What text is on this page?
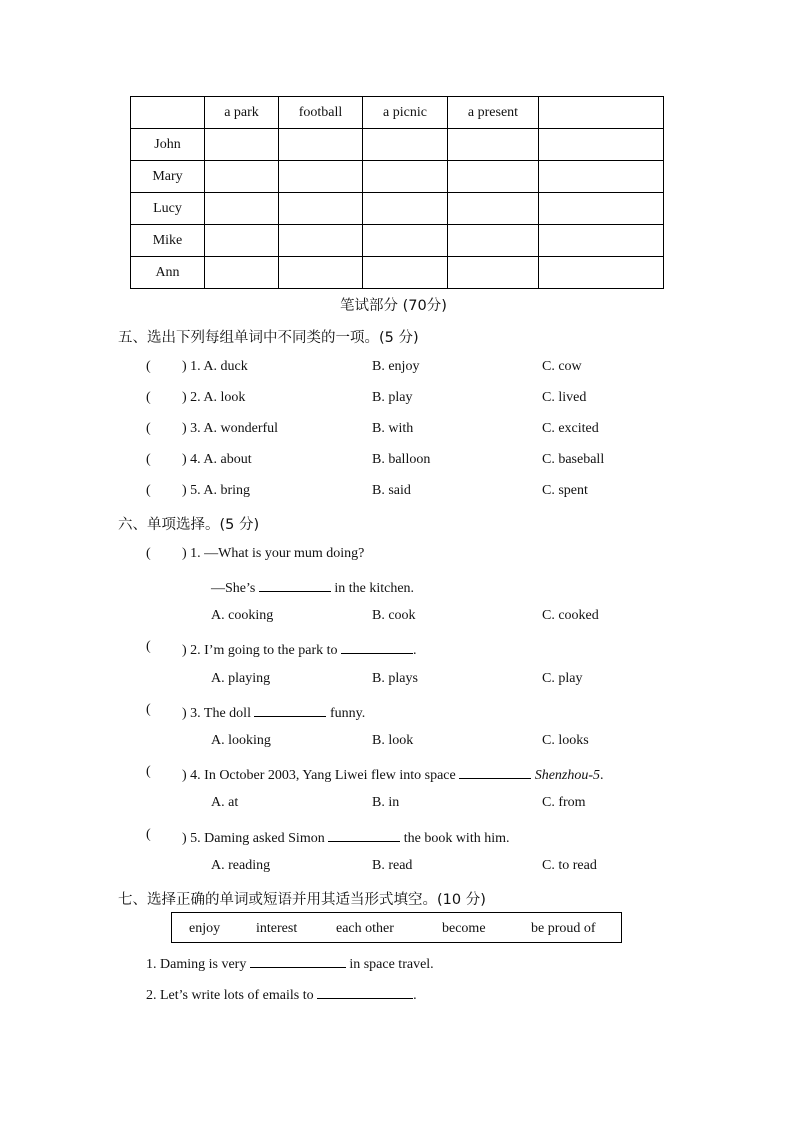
	a park	football	a picnic	a present	
John					
Mary					
Lucy					
Mike					
Ann					
笔试部分 (70分)
五、选出下列每组单词中不同类的一项。(5 分)
( ) 1. A. duck	B. enjoy	C. cow
( ) 2. A. look	B. play	C. lived
( ) 3. A. wonderful	B. with	C. excited
( ) 4. A. about	B. balloon	C. baseball
( ) 5. A. bring	B. said	C. spent
六、单项选择。(5 分)
( ) 1. —What is your mum doing?
—She’s	in the kitchen.
A. cooking	B. cook	C. cooked
( ) 2. I’m going to the park to	.
A. playing	B. plays	C. play
( ) 3. The doll	funny.
A. looking	B. look	C. looks
( ) 4. In October 2003, Yang Liwei flew into space	Shenzhou-5.
A. at	B. in	C. from
( ) 5. Daming asked Simon	the book with him.
A. reading	B. read	C. to read
七、选择正确的单词或短语并用其适当形式填空。(10 分)
enjoy	interest	each other	become	be proud of
1. Daming is very	in space travel.
2. Let’s write lots of emails to	.
